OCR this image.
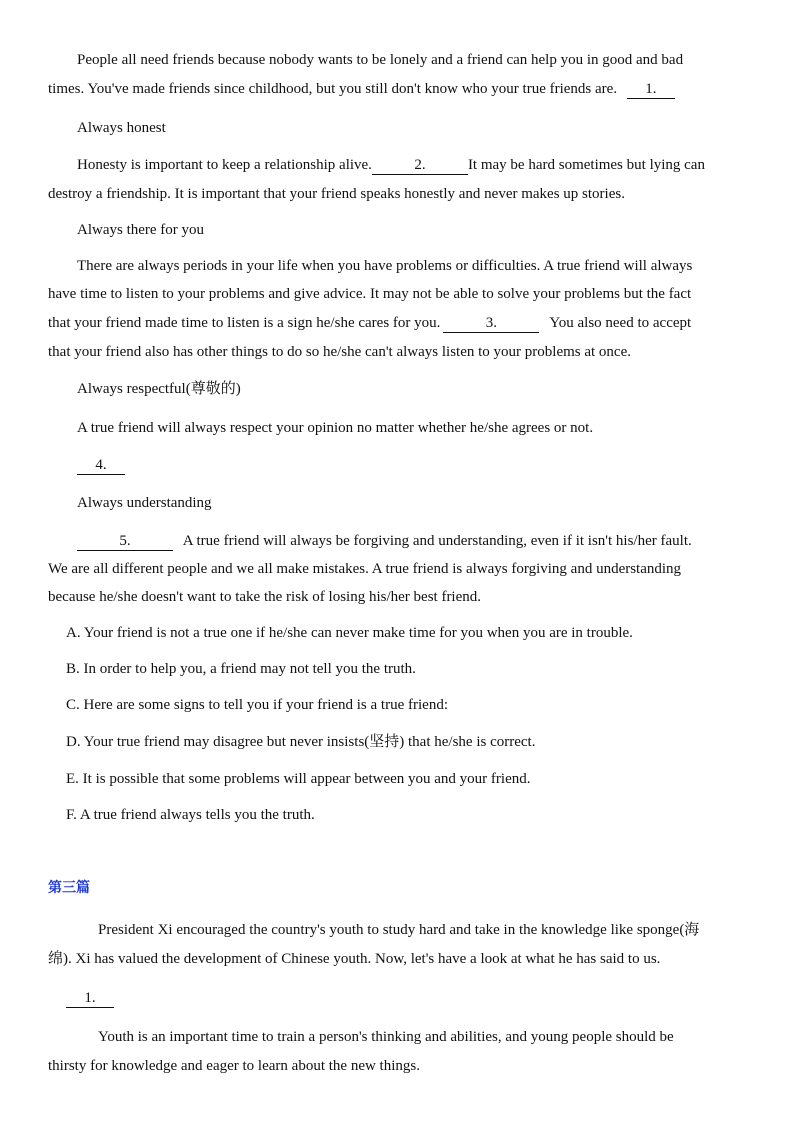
People all need friends because nobody wants to be lonely and a friend can help you in good and bad
times. You've made friends since childhood, but you still don't know who your true friends are. 1.
Always honest
Honesty is important to keep a relationship alive.	2.	It may be hard sometimes but lying can
destroy a friendship. It is important that your friend speaks honestly and never makes up stories.
Always there for you
There are always periods in your life when you have problems or difficulties. A true friend will always
have time to listen to your problems and give advice. It may not be able to solve your problems but the fact
that your friend made time to listen is a sign he/she cares for you.	3.	You also need to accept
that your friend also has other things to do so he/she can't always listen to your problems at once.
Always respectful(尊敬的)
A true friend will always respect your opinion no matter whether he/she agrees or not.
4.
Always understanding
5.	A true friend will always be forgiving and understanding, even if it isn't his/her fault.
We are all different people and we all make mistakes. A true friend is always forgiving and understanding
because he/she doesn't want to take the risk of losing his/her best friend.
A. Your friend is not a true one if he/she can never make time for you when you are in trouble.
B. In order to help you, a friend may not tell you the truth.
C. Here are some signs to tell you if your friend is a true friend:
D. Your true friend may disagree but never insists(坚持) that he/she is correct.
E. It is possible that some problems will appear between you and your friend.
F. A true friend always tells you the truth.
第三篇
President Xi encouraged the country's youth to study hard and take in the knowledge like sponge(海
绵). Xi has valued the development of Chinese youth. Now, let's have a look at what he has said to us.
1.
Youth is an important time to train a person's thinking and abilities, and young people should be
thirsty for knowledge and eager to learn about the new things.
